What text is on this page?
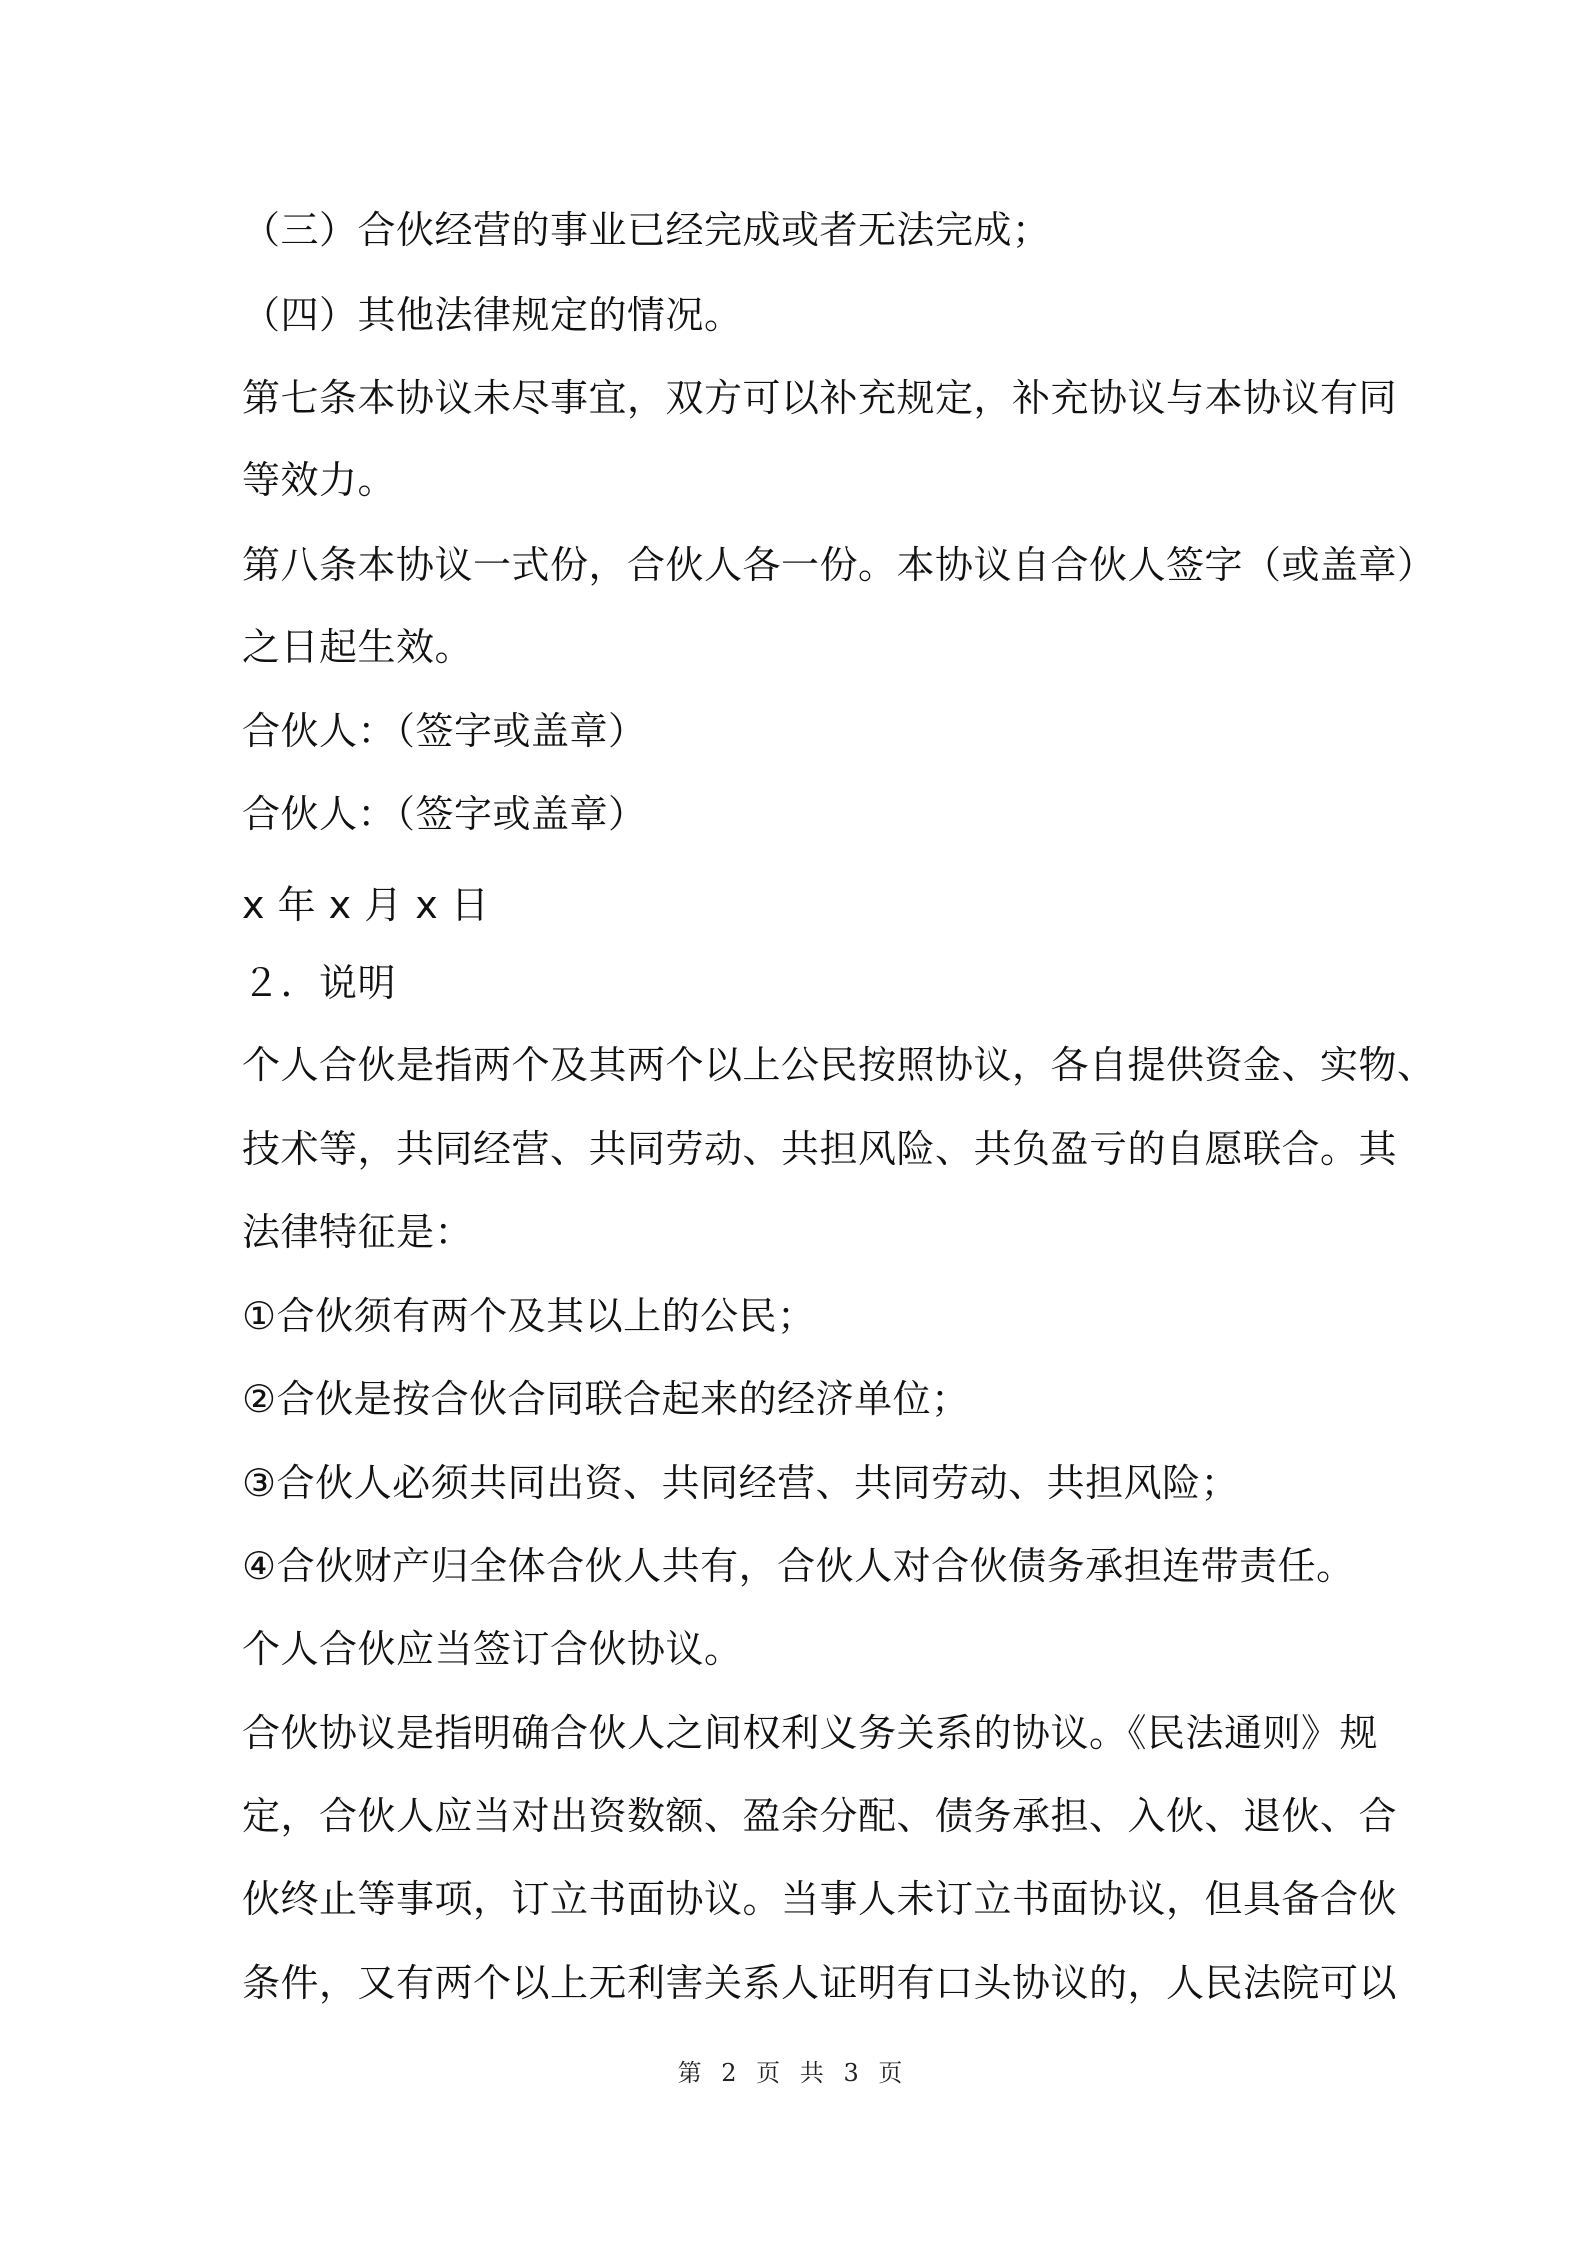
（三）合伙经营的事业已经完成或者无法完成；
（四）其他法律规定的情况。
第七条本协议未尽事宜，双方可以补充规定，补充协议与本协议有同
等效力。
第八条本协议一式份，合伙人各一份。本协议自合伙人签字（或盖章）
之日起生效。
合伙人：（签字或盖章）
合伙人：（签字或盖章）
x 年 x 月 x 日
２．说明
个人合伙是指两个及其两个以上公民按照协议，各自提供资金、实物、
技术等，共同经营、共同劳动、共担风险、共负盈亏的自愿联合。其
法律特征是：
①合伙须有两个及其以上的公民；
②合伙是按合伙合同联合起来的经济单位；
③合伙人必须共同出资、共同经营、共同劳动、共担风险；
④合伙财产归全体合伙人共有，合伙人对合伙债务承担连带责任。
个人合伙应当签订合伙协议。
合伙协议是指明确合伙人之间权利义务关系的协议。《民法通则》规
定，合伙人应当对出资数额、盈余分配、债务承担、入伙、退伙、合
伙终止等事项，订立书面协议。当事人未订立书面协议，但具备合伙
条件，又有两个以上无利害关系人证明有口头协议的，人民法院可以
第 2 页 共 3 页
